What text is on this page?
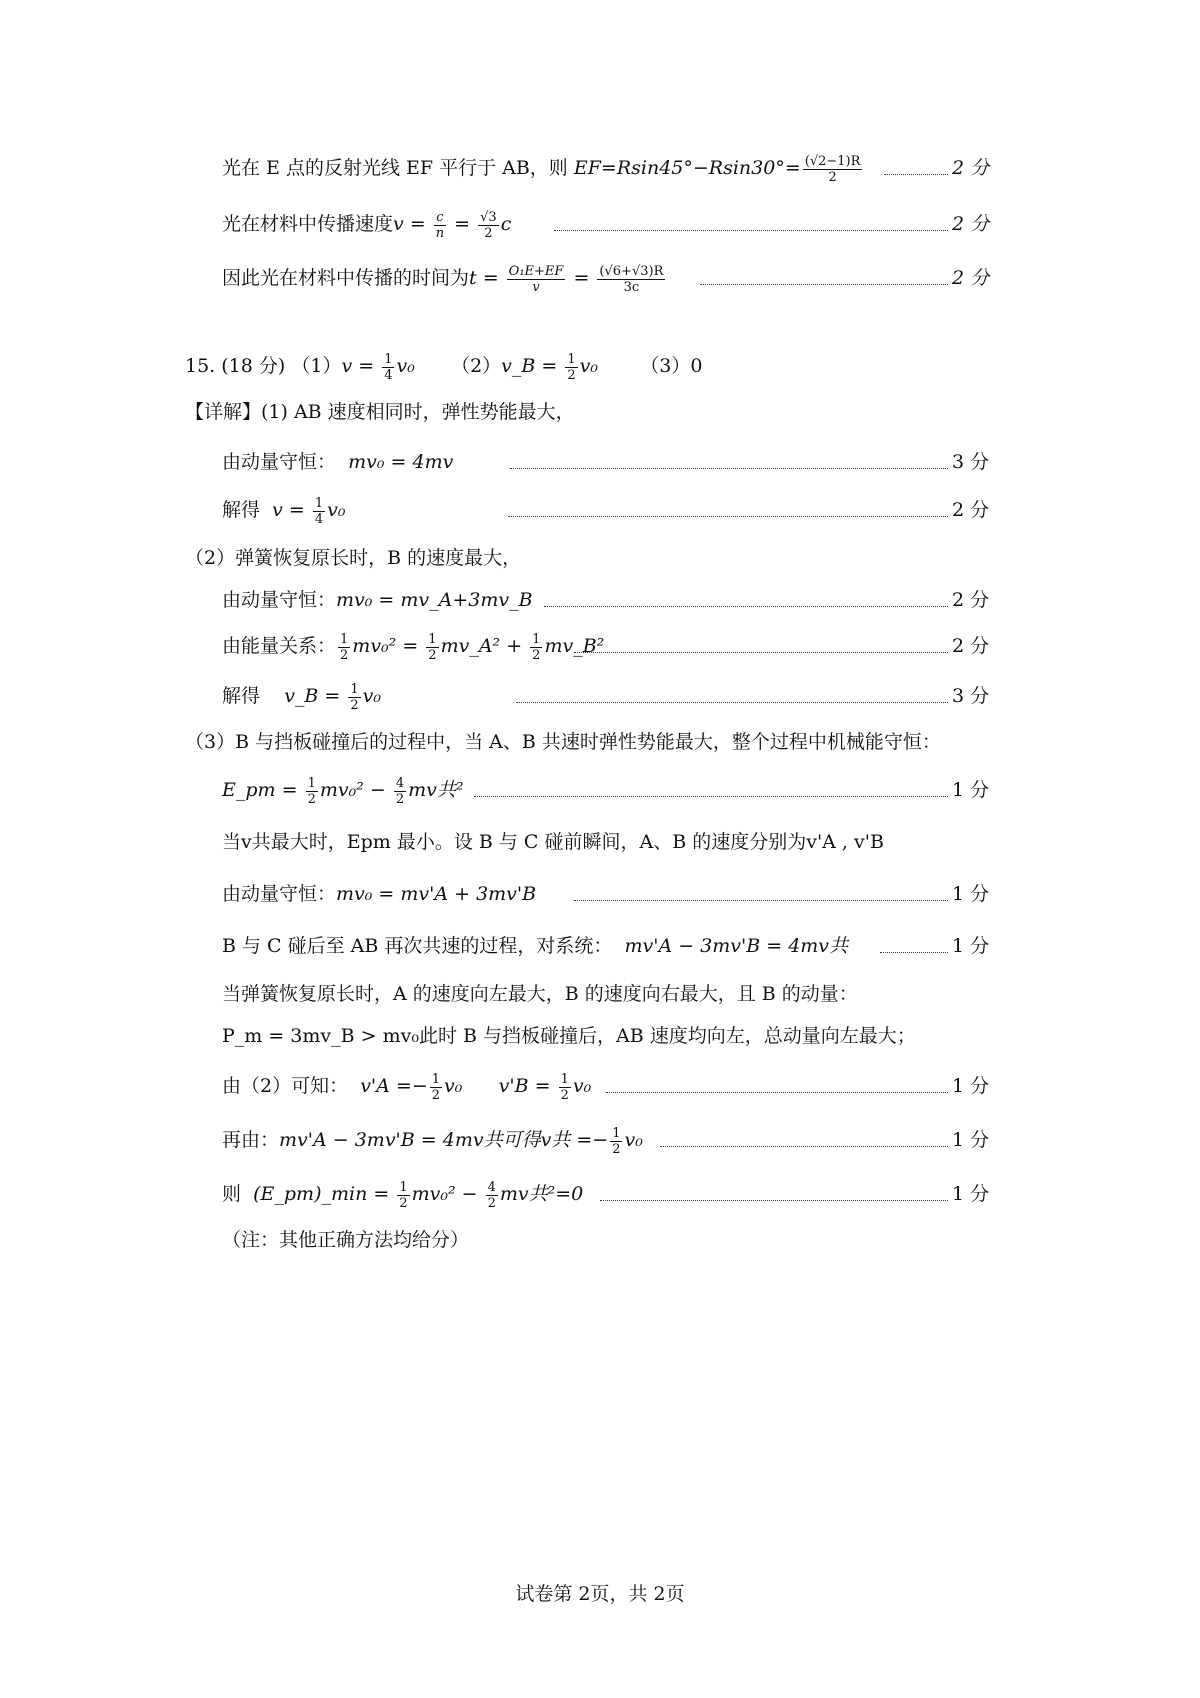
光在 E 点的反射光线 EF 平行于 AB，则 $EF=Rsin45^\circ-Rsin30^\circ= \frac{(√2-1)R}{2}$	2 分
光在材料中传播速度$v = \frac{c}{n} = \frac{√3}{2}$ c	2 分
因此光在材料中传播的时间为$t = \frac{\text{O₁E+EF}}{v} = \frac{(√6+√3)R}{3c}$	2 分
15. (18 分) $(1)v = \frac{1}{4} v_0$ （2）v_B = $\frac{1}{2} v_0$ （3）0
【详解】(1) AB 速度相同时，弹性势能最大，
由动量守恒： mv₀ = 4mv	3 分
解得 $v = \frac{1}{4} v_0$	2 分
（2）弹簧恢复原长时，B 的速度最大，
由动量守恒：mv₀ = mv_A+3mv_B	2 分
由能量关系： $\frac{1}{2} mv_0^2 = \frac{1}{2}$ mv_A² + $\frac{1}{2}$ mv_B²	2 分
解得 v_B = $\frac{1}{2} v_0$	3 分
（3）B 与挡板碰撞后的过程中，当 A、B 共速时弹性势能最大，整个过程中机械能守恒：
E_pm = $\frac{1}{2} mv_0^2 - \frac{4}{2}$ mv共²	1 分
当v共最大时，Epm 最小。设 B 与 C 碰前瞬间，A、B 的速度分别为v'A , v'B
由动量守恒：mv₀ = mv'A + 3mv'B	1 分
B 与 C 碰后至 AB 再次共速的过程，对系统： mv'A − 3mv'B = 4mv共	1 分
当弹簧恢复原长时，A 的速度向左最大，B 的速度向右最大，且 B 的动量：
P_m = 3mv_B > mv₀此时 B 与挡板碰撞后，AB 速度均向左，总动量向左最大；
由（2）可知： $v'A =- \frac{1}{2} v_0$ $v'B = \frac{1}{2} v_0$	1 分
再由：mv'A − 3mv'B = 4mv共可得v共 =− $\frac{1}{2} v_0$	1 分
则 (E_pm)_min = $\frac{1}{2} mv_0^2 - \frac{4}{2}$ mv共²=0	1 分
（注：其他正确方法均给分）
试卷第 2页，共 2页
